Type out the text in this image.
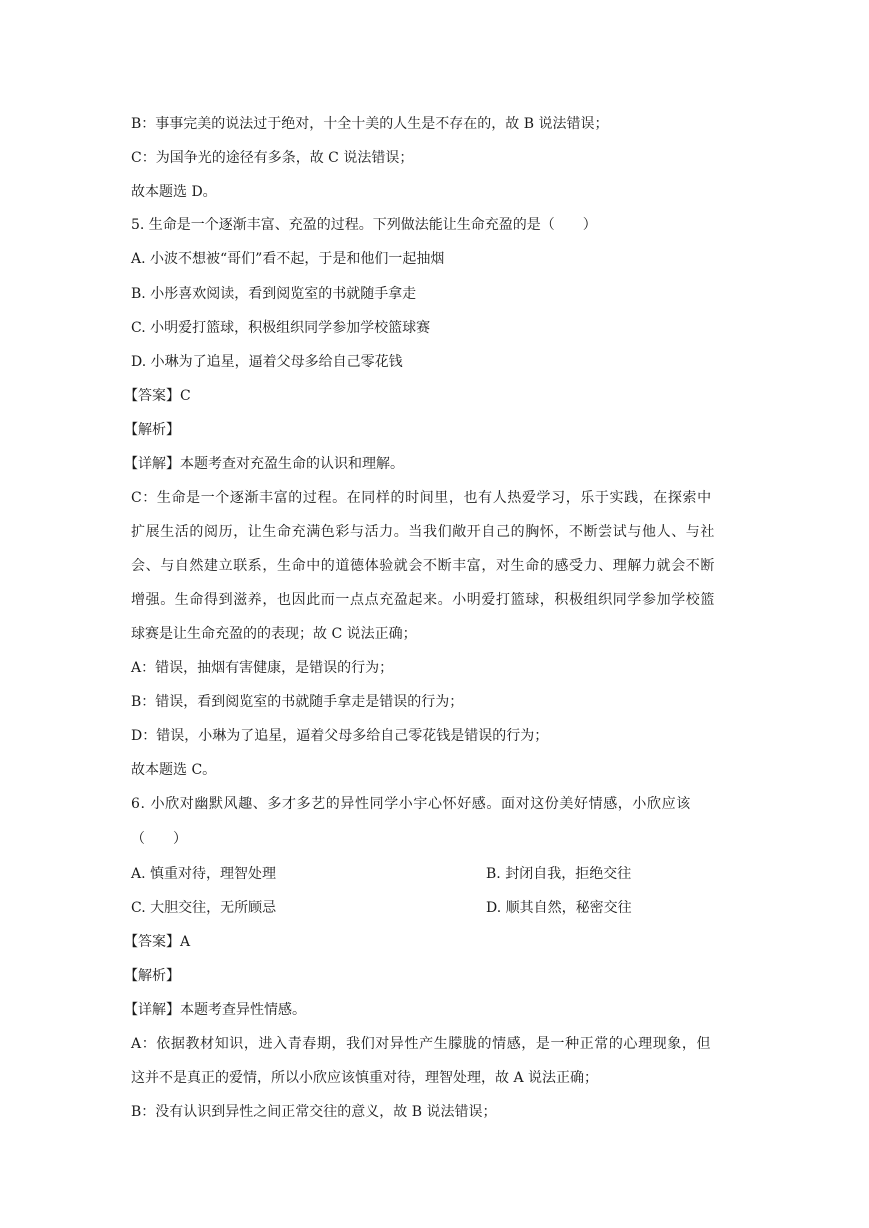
B：事事完美的说法过于绝对，十全十美的人生是不存在的，故 B 说法错误；
C：为国争光的途径有多条，故 C 说法错误；
故本题选 D。
5. 生命是一个逐渐丰富、充盈的过程。下列做法能让生命充盈的是（　　）
A. 小波不想被“哥们”看不起，于是和他们一起抽烟
B. 小彤喜欢阅读，看到阅览室的书就随手拿走
C. 小明爱打篮球，积极组织同学参加学校篮球赛
D. 小琳为了追星，逼着父母多给自己零花钱
【答案】C
【解析】
【详解】本题考查对充盈生命的认识和理解。
C：生命是一个逐渐丰富的过程。在同样的时间里，也有人热爱学习，乐于实践，在探索中
扩展生活的阅历，让生命充满色彩与活力。当我们敞开自己的胸怀，不断尝试与他人、与社
会、与自然建立联系，生命中的道德体验就会不断丰富，对生命的感受力、理解力就会不断
增强。生命得到滋养，也因此而一点点充盈起来。小明爱打篮球，积极组织同学参加学校篮
球赛是让生命充盈的的表现；故 C 说法正确；
A：错误，抽烟有害健康，是错误的行为；
B：错误，看到阅览室的书就随手拿走是错误的行为；
D：错误，小琳为了追星，逼着父母多给自己零花钱是错误的行为；
故本题选 C。
6. 小欣对幽默风趣、多才多艺的异性同学小宇心怀好感。面对这份美好情感，小欣应该
（　　）
A. 慎重对待，理智处理	B. 封闭自我，拒绝交往
C. 大胆交往，无所顾忌	D. 顺其自然，秘密交往
【答案】A
【解析】
【详解】本题考查异性情感。
A：依据教材知识，进入青春期，我们对异性产生朦胧的情感，是一种正常的心理现象，但
这并不是真正的爱情，所以小欣应该慎重对待，理智处理，故 A 说法正确；
B：没有认识到异性之间正常交往的意义，故 B 说法错误；
